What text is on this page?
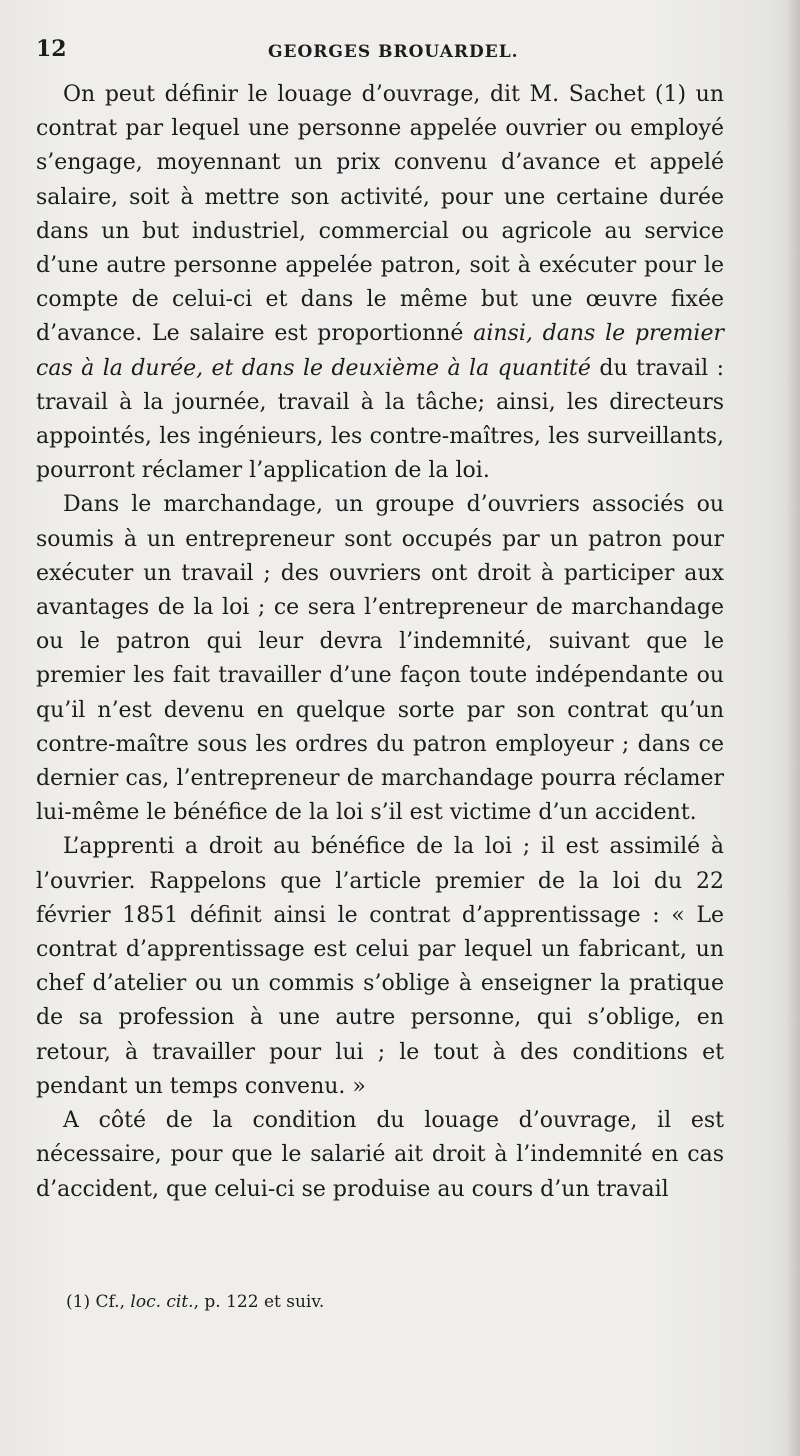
12	GEORGES BROUARDEL.

On peut définir le louage d’ouvrage, dit M. Sachet (1) un contrat par lequel une personne appelée ouvrier ou employé s’engage, moyennant un prix convenu d’avance et appelé salaire, soit à mettre son activité, pour une certaine durée dans un but industriel, commercial ou agricole au service d’une autre personne appelée patron, soit à exécuter pour le compte de celui-ci et dans le même but une œuvre fixée d’avance. Le salaire est proportionné ainsi, dans le premier cas à la durée, et dans le deuxième à la quantité du travail : travail à la journée, travail à la tâche; ainsi, les directeurs appointés, les ingénieurs, les contre-maîtres, les surveillants, pourront réclamer l’application de la loi.

Dans le marchandage, un groupe d’ouvriers associés ou soumis à un entrepreneur sont occupés par un patron pour exécuter un travail ; des ouvriers ont droit à participer aux avantages de la loi ; ce sera l’entrepreneur de marchandage ou le patron qui leur devra l’indemnité, suivant que le premier les fait travailler d’une façon toute indépendante ou qu’il n’est devenu en quelque sorte par son contrat qu’un contre-maître sous les ordres du patron employeur ; dans ce dernier cas, l’entrepreneur de marchandage pourra réclamer lui-même le bénéfice de la loi s’il est victime d’un accident.

L’apprenti a droit au bénéfice de la loi ; il est assimilé à l’ouvrier. Rappelons que l’article premier de la loi du 22 février 1851 définit ainsi le contrat d’apprentissage : « Le contrat d’apprentissage est celui par lequel un fabricant, un chef d’atelier ou un commis s’oblige à enseigner la pratique de sa profession à une autre personne, qui s’oblige, en retour, à travailler pour lui ; le tout à des conditions et pendant un temps convenu. »

A côté de la condition du louage d’ouvrage, il est nécessaire, pour que le salarié ait droit à l’indemnité en cas d’accident, que celui-ci se produise au cours d’un travail

(1) Cf., loc. cit., p. 122 et suiv.
